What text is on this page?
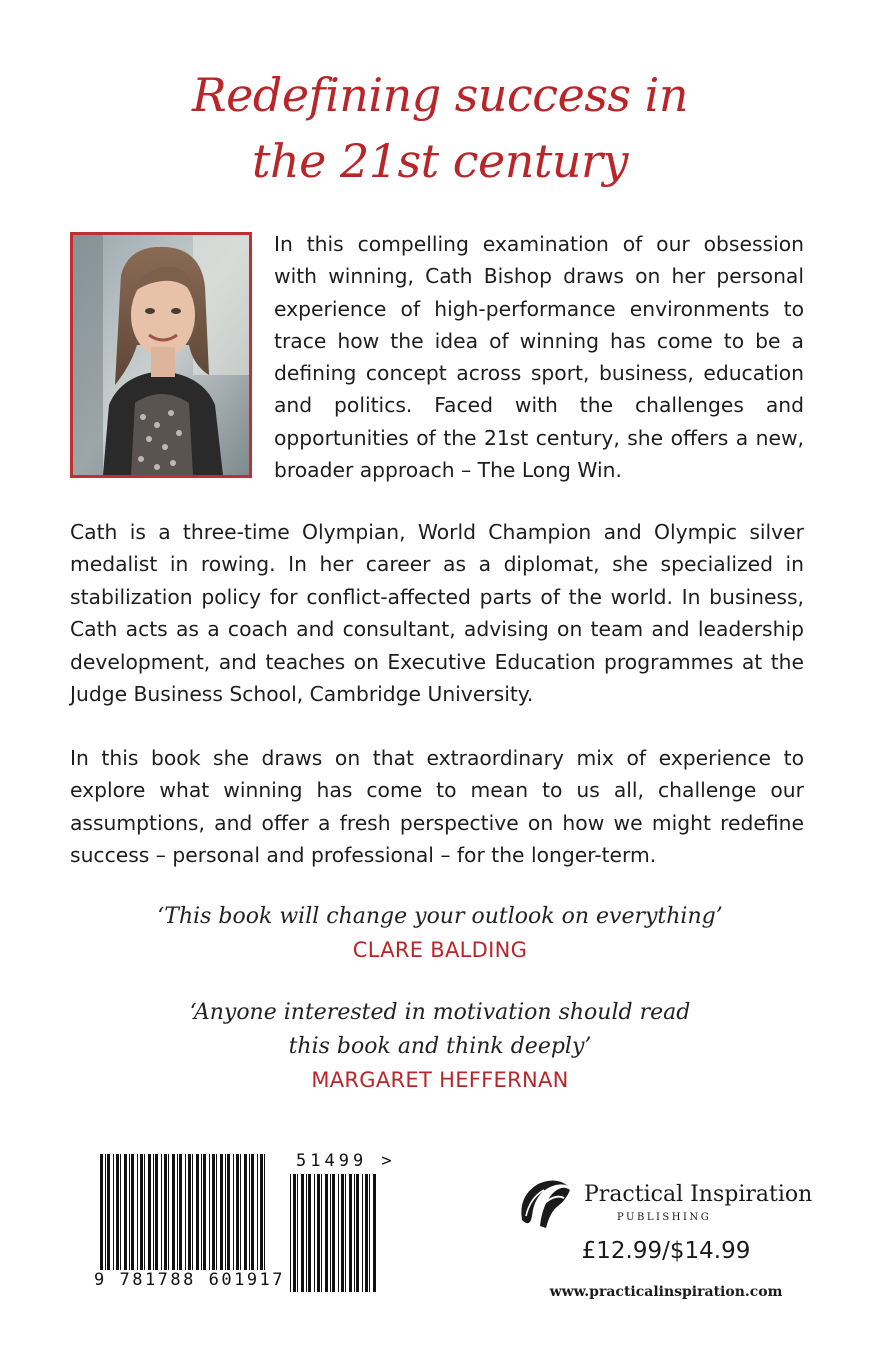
Redefining success in
the 21st century

In this compelling examination of our obsession with winning, Cath Bishop draws on her personal experience of high-performance environments to trace how the idea of winning has come to be a defining concept across sport, business, education and politics. Faced with the challenges and opportunities of the 21st century, she offers a new, broader approach – The Long Win.

Cath is a three-time Olympian, World Champion and Olympic silver medalist in rowing. In her career as a diplomat, she specialized in stabilization policy for conflict-affected parts of the world. In business, Cath acts as a coach and consultant, advising on team and leadership development, and teaches on Executive Education programmes at the Judge Business School, Cambridge University.

In this book she draws on that extraordinary mix of experience to explore what winning has come to mean to us all, challenge our assumptions, and offer a fresh perspective on how we might redefine success – personal and professional – for the longer-term.

‘This book will change your outlook on everything’
CLARE BALDING
‘Anyone interested in motivation should read
this book and think deeply’
MARGARET HEFFERNAN
51499 >
9 781788 601917
Practical Inspiration
PUBLISHING
£12.99/$14.99
www.practicalinspiration.com
